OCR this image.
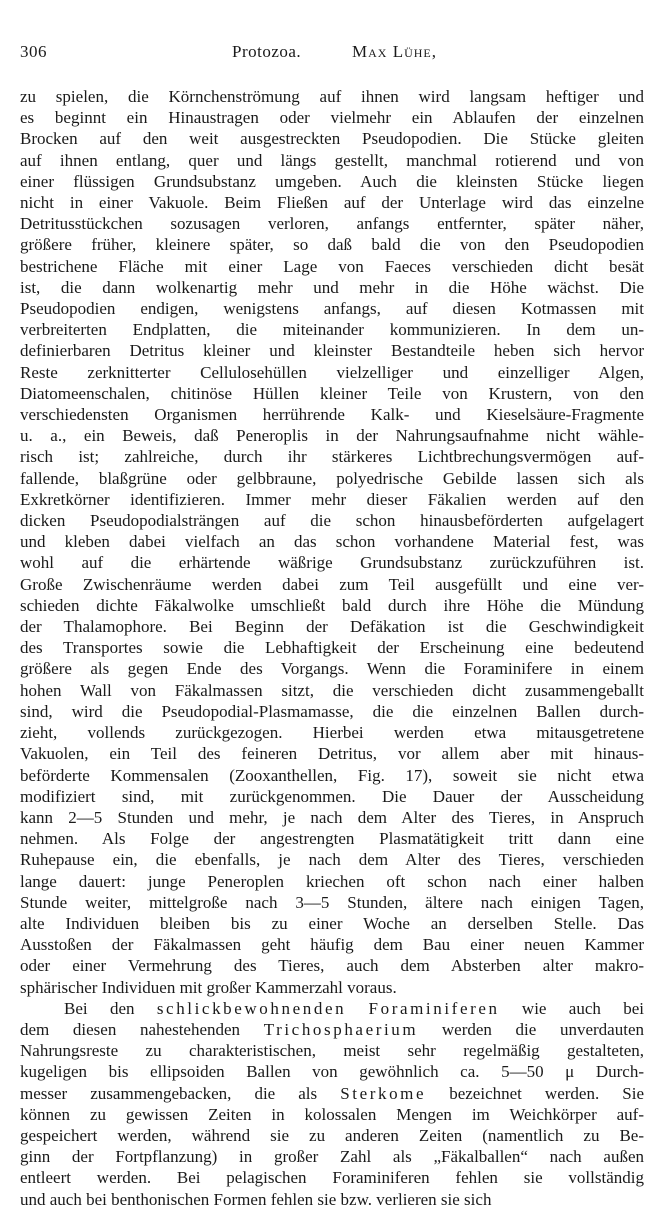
306	Protozoa.	Max Lühe,
zu spielen, die Körnchenströmung auf ihnen wird langsam heftiger und
es beginnt ein Hinaustragen oder vielmehr ein Ablaufen der einzelnen
Brocken auf den weit ausgestreckten Pseudopodien. Die Stücke gleiten
auf ihnen entlang, quer und längs gestellt, manchmal rotierend und von
einer flüssigen Grundsubstanz umgeben. Auch die kleinsten Stücke liegen
nicht in einer Vakuole. Beim Fließen auf der Unterlage wird das einzelne
Detritusstückchen sozusagen verloren, anfangs entfernter, später näher,
größere früher, kleinere später, so daß bald die von den Pseudopodien
bestrichene Fläche mit einer Lage von Faeces verschieden dicht besät
ist, die dann wolkenartig mehr und mehr in die Höhe wächst. Die
Pseudopodien endigen, wenigstens anfangs, auf diesen Kotmassen mit
verbreiterten Endplatten, die miteinander kommunizieren. In dem un-
definierbaren Detritus kleiner und kleinster Bestandteile heben sich hervor
Reste zerknitterter Cellulosehüllen vielzelliger und einzelliger Algen,
Diatomeenschalen, chitinöse Hüllen kleiner Teile von Krustern, von den
verschiedensten Organismen herrührende Kalk- und Kieselsäure-Fragmente
u. a., ein Beweis, daß Peneroplis in der Nahrungsaufnahme nicht wähle-
risch ist; zahlreiche, durch ihr stärkeres Lichtbrechungsvermögen auf-
fallende, blaßgrüne oder gelbbraune, polyedrische Gebilde lassen sich als
Exkretkörner identifizieren. Immer mehr dieser Fäkalien werden auf den
dicken Pseudopodialsträngen auf die schon hinausbeförderten aufgelagert
und kleben dabei vielfach an das schon vorhandene Material fest, was
wohl auf die erhärtende wäßrige Grundsubstanz zurückzuführen ist.
Große Zwischenräume werden dabei zum Teil ausgefüllt und eine ver-
schieden dichte Fäkalwolke umschließt bald durch ihre Höhe die Mündung
der Thalamophore. Bei Beginn der Defäkation ist die Geschwindigkeit
des Transportes sowie die Lebhaftigkeit der Erscheinung eine bedeutend
größere als gegen Ende des Vorgangs. Wenn die Foraminifere in einem
hohen Wall von Fäkalmassen sitzt, die verschieden dicht zusammengeballt
sind, wird die Pseudopodial-Plasmamasse, die die einzelnen Ballen durch-
zieht, vollends zurückgezogen. Hierbei werden etwa mitausgetretene
Vakuolen, ein Teil des feineren Detritus, vor allem aber mit hinaus-
beförderte Kommensalen (Zooxanthellen, Fig. 17), soweit sie nicht etwa
modifiziert sind, mit zurückgenommen. Die Dauer der Ausscheidung
kann 2—5 Stunden und mehr, je nach dem Alter des Tieres, in Anspruch
nehmen. Als Folge der angestrengten Plasmatätigkeit tritt dann eine
Ruhepause ein, die ebenfalls, je nach dem Alter des Tieres, verschieden
lange dauert: junge Peneroplen kriechen oft schon nach einer halben
Stunde weiter, mittelgroße nach 3—5 Stunden, ältere nach einigen Tagen,
alte Individuen bleiben bis zu einer Woche an derselben Stelle. Das
Ausstoßen der Fäkalmassen geht häufig dem Bau einer neuen Kammer
oder einer Vermehrung des Tieres, auch dem Absterben alter makro-
sphärischer Individuen mit großer Kammerzahl voraus.
Bei den schlickbewohnenden Foraminiferen wie auch bei
dem diesen nahestehenden Trichosphaerium werden die unverdauten
Nahrungsreste zu charakteristischen, meist sehr regelmäßig gestalteten,
kugeligen bis ellipsoiden Ballen von gewöhnlich ca. 5—50 μ Durch-
messer zusammengebacken, die als Sterkome bezeichnet werden. Sie
können zu gewissen Zeiten in kolossalen Mengen im Weichkörper auf-
gespeichert werden, während sie zu anderen Zeiten (namentlich zu Be-
ginn der Fortpflanzung) in großer Zahl als „Fäkalballen“ nach außen
entleert werden. Bei pelagischen Foraminiferen fehlen sie vollständig
und auch bei benthonischen Formen fehlen sie bzw. verlieren sie sich
